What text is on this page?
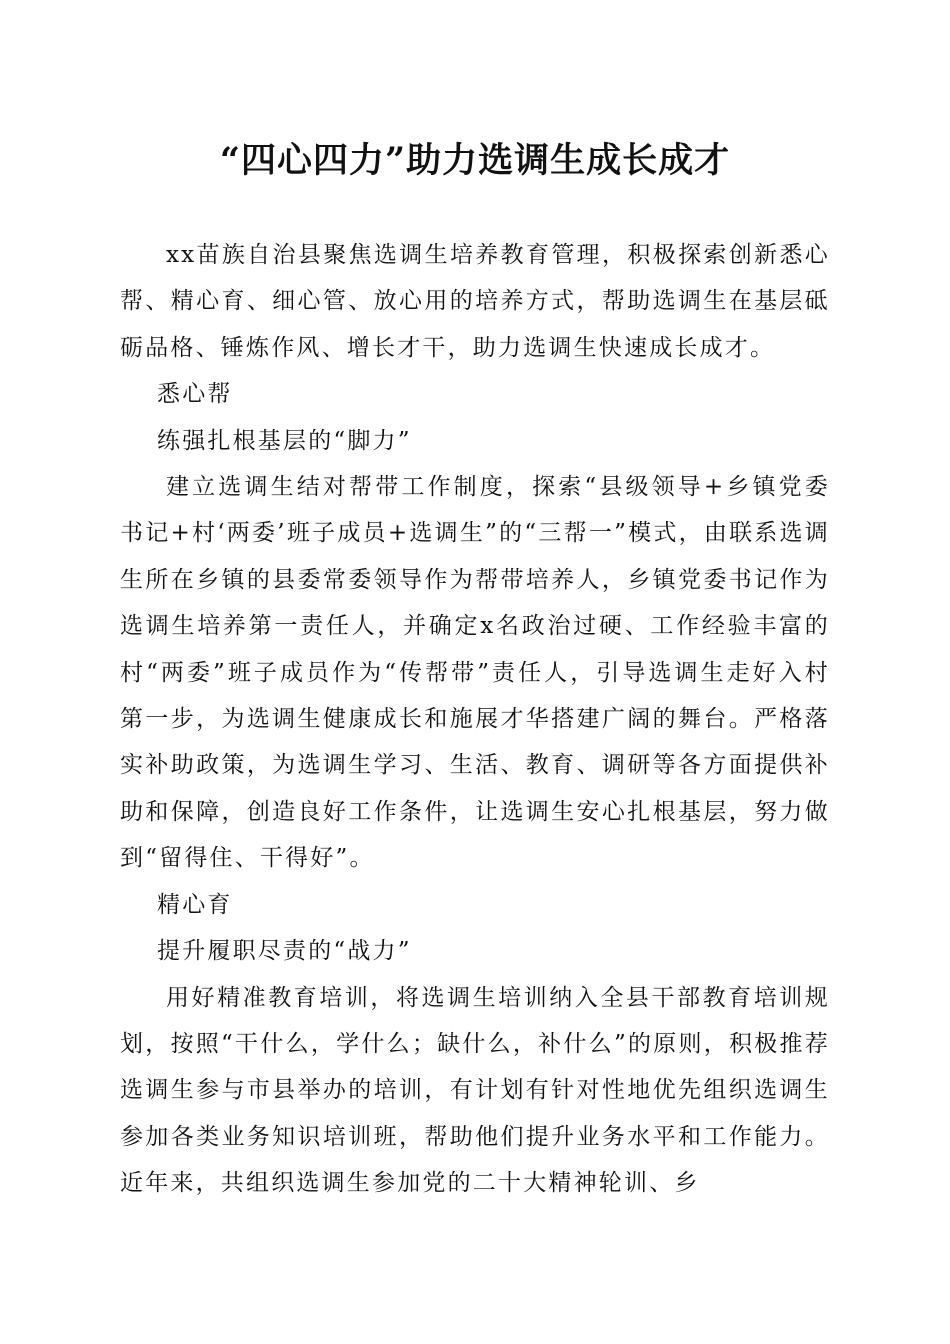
“四心四力”助力选调生成长成才

xx苗族自治县聚焦选调生培养教育管理，积极探索创新悉心帮、精心育、细心管、放心用的培养方式，帮助选调生在基层砥砺品格、锤炼作风、增长才干，助力选调生快速成长成才。

悉心帮

练强扎根基层的“脚力”

建立选调生结对帮带工作制度，探索“县级领导+乡镇党委书记+村‘两委’班子成员+选调生”的“三帮一”模式，由联系选调生所在乡镇的县委常委领导作为帮带培养人，乡镇党委书记作为选调生培养第一责任人，并确定x名政治过硬、工作经验丰富的村“两委”班子成员作为“传帮带”责任人，引导选调生走好入村第一步，为选调生健康成长和施展才华搭建广阔的舞台。严格落实补助政策，为选调生学习、生活、教育、调研等各方面提供补助和保障，创造良好工作条件，让选调生安心扎根基层，努力做到“留得住、干得好”。

精心育

提升履职尽责的“战力”

用好精准教育培训，将选调生培训纳入全县干部教育培训规划，按照“干什么，学什么；缺什么，补什么”的原则，积极推荐选调生参与市县举办的培训，有计划有针对性地优先组织选调生参加各类业务知识培训班，帮助他们提升业务水平和工作能力。近年来，共组织选调生参加党的二十大精神轮训、乡
